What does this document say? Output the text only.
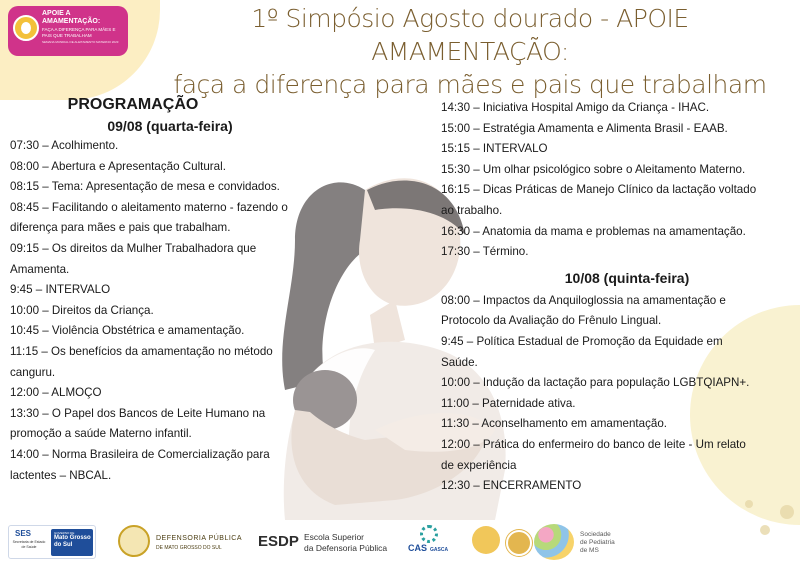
APOIE A AMAMENTAÇÃO:
FAÇA A DIFERENÇA PARA MÃES E PAIS QUE TRABALHAM
SEMANA MUNDIAL DE ALEITAMENTO MATERNO 2023
1º Simpósio Agosto dourado - APOIE AMAMENTAÇÃO:
faça a diferença para mães e pais que trabalham
PROGRAMAÇÃO
09/08 (quarta-feira)
07:30 – Acolhimento.
08:00 – Abertura e Apresentação Cultural.
08:15 – Tema: Apresentação de mesa e convidados.
08:45 – Facilitando o aleitamento materno - fazendo o
diferença para mães e pais que trabalham.
09:15 – Os direitos da Mulher Trabalhadora que
Amamenta.
9:45 – INTERVALO
10:00 – Direitos da Criança.
10:45 – Violência Obstétrica e amamentação.
11:15 – Os benefícios da amamentação no método
canguru.
12:00 – ALMOÇO
13:30 – O Papel dos Bancos de Leite Humano na
promoção a saúde Materno infantil.
14:00 – Norma Brasileira de Comercialização para
lactentes – NBCAL.
14:30 – Iniciativa Hospital Amigo da Criança - IHAC.
15:00 – Estratégia Amamenta e Alimenta Brasil - EAAB.
15:15 – INTERVALO
15:30 – Um olhar psicológico sobre o Aleitamento Materno.
16:15 – Dicas Práticas de Manejo Clínico da lactação voltado
ao trabalho.
16:30 – Anatomia da mama e problemas na amamentação.
17:30 – Término.
10/08 (quinta-feira)
08:00 – Impactos da Anquiloglossia na amamentação e
Protocolo da Avaliação do Frênulo Lingual.
9:45 – Política Estadual de Promoção da Equidade em
Saúde.
10:00 – Indução da lactação para população LGBTQIAPN+.
11:00 – Paternidade ativa.
11:30 – Aconselhamento em amamentação.
12:00 – Prática do enfermeiro do banco de leite - Um relato
de experiência
12:30 – ENCERRAMENTO
SES
Secretaria de Estado de Saúde
GOVERNO DE
Mato Grosso do Sul
DEFENSORIA PÚBLICA
DE MATO GROSSO DO SUL ESDP Escola Superior
da Defensoria Pública CAS GASCA
Sociedade
de Pediatria
de MS
